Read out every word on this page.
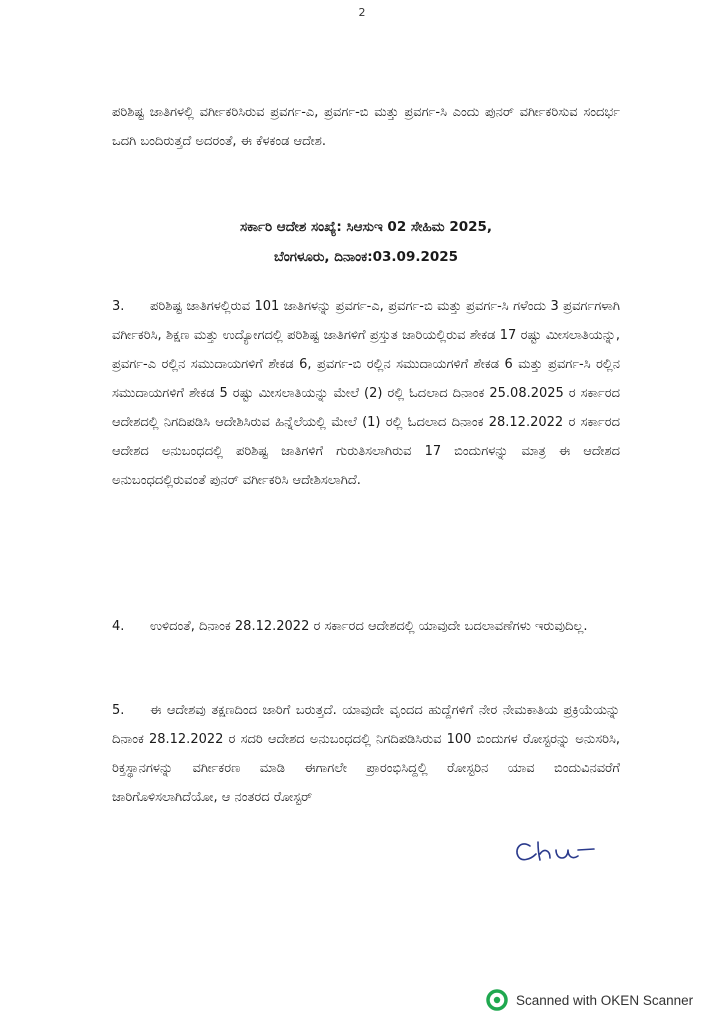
2

ಪರಿಶಿಷ್ಟ ಜಾತಿಗಳಲ್ಲಿ ವರ್ಗೀಕರಿಸಿರುವ ಪ್ರವರ್ಗ-ಎ, ಪ್ರವರ್ಗ-ಬಿ ಮತ್ತು ಪ್ರವರ್ಗ-ಸಿ ಎಂದು ಪುನರ್ ವರ್ಗೀಕರಿಸುವ ಸಂದರ್ಭ ಒದಗಿ ಬಂದಿರುತ್ತದೆ ಅದರಂತೆ, ಈ ಕೆಳಕಂಡ ಆದೇಶ.

ಸರ್ಕಾರಿ ಆದೇಶ ಸಂಖ್ಯೆ: ಸಿಆಸುಇ 02 ಸೇಹಿಮ 2025,
ಬೆಂಗಳೂರು, ದಿನಾಂಕ:03.09.2025

3. ಪರಿಶಿಷ್ಟ ಜಾತಿಗಳಲ್ಲಿರುವ 101 ಜಾತಿಗಳನ್ನು ಪ್ರವರ್ಗ-ಎ, ಪ್ರವರ್ಗ-ಬಿ ಮತ್ತು ಪ್ರವರ್ಗ-ಸಿ ಗಳೆಂದು 3 ಪ್ರವರ್ಗಗಳಾಗಿ ವರ್ಗೀಕರಿಸಿ, ಶಿಕ್ಷಣ ಮತ್ತು ಉದ್ಯೋಗದಲ್ಲಿ ಪರಿಶಿಷ್ಟ ಜಾತಿಗಳಿಗೆ ಪ್ರಸ್ತುತ ಜಾರಿಯಲ್ಲಿರುವ ಶೇಕಡ 17 ರಷ್ಟು ಮೀಸಲಾತಿಯನ್ನು, ಪ್ರವರ್ಗ-ಎ ರಲ್ಲಿನ ಸಮುದಾಯಗಳಿಗೆ ಶೇಕಡ 6, ಪ್ರವರ್ಗ-ಬಿ ರಲ್ಲಿನ ಸಮುದಾಯಗಳಿಗೆ ಶೇಕಡ 6 ಮತ್ತು ಪ್ರವರ್ಗ-ಸಿ ರಲ್ಲಿನ ಸಮುದಾಯಗಳಿಗೆ ಶೇಕಡ 5 ರಷ್ಟು ಮೀಸಲಾತಿಯನ್ನು ಮೇಲೆ (2) ರಲ್ಲಿ ಓದಲಾದ ದಿನಾಂಕ 25.08.2025 ರ ಸರ್ಕಾರದ ಆದೇಶದಲ್ಲಿ ನಿಗದಿಪಡಿಸಿ ಆದೇಶಿಸಿರುವ ಹಿನ್ನೆಲೆಯಲ್ಲಿ ಮೇಲೆ (1) ರಲ್ಲಿ ಓದಲಾದ ದಿನಾಂಕ 28.12.2022 ರ ಸರ್ಕಾರದ ಆದೇಶದ ಅನುಬಂಧದಲ್ಲಿ ಪರಿಶಿಷ್ಟ ಜಾತಿಗಳಿಗೆ ಗುರುತಿಸಲಾಗಿರುವ 17 ಬಿಂದುಗಳನ್ನು ಮಾತ್ರ ಈ ಆದೇಶದ ಅನುಬಂಧದಲ್ಲಿರುವಂತೆ ಪುನರ್ ವರ್ಗೀಕರಿಸಿ ಆದೇಶಿಸಲಾಗಿದೆ.

4. ಉಳಿದಂತೆ, ದಿನಾಂಕ 28.12.2022 ರ ಸರ್ಕಾರದ ಆದೇಶದಲ್ಲಿ ಯಾವುದೇ ಬದಲಾವಣೆಗಳು ಇರುವುದಿಲ್ಲ.

5. ಈ ಆದೇಶವು ತಕ್ಷಣದಿಂದ ಜಾರಿಗೆ ಬರುತ್ತದೆ. ಯಾವುದೇ ವೃಂದದ ಹುದ್ದೆಗಳಿಗೆ ನೇರ ನೇಮಕಾತಿಯ ಪ್ರಕ್ರಿಯೆಯನ್ನು ದಿನಾಂಕ 28.12.2022 ರ ಸದರಿ ಆದೇಶದ ಅನುಬಂಧದಲ್ಲಿ ನಿಗದಿಪಡಿಸಿರುವ 100 ಬಿಂದುಗಳ ರೋಸ್ಟರನ್ನು ಅನುಸರಿಸಿ, ರಿಕ್ತಸ್ಥಾನಗಳನ್ನು ವರ್ಗೀಕರಣ ಮಾಡಿ ಈಗಾಗಲೇ ಪ್ರಾರಂಭಿಸಿದ್ದಲ್ಲಿ ರೋಸ್ಟರಿನ ಯಾವ ಬಿಂದುವಿನವರೆಗೆ ಜಾರಿಗೊಳಿಸಲಾಗಿದೆಯೋ, ಆ ನಂತರದ ರೋಸ್ಟರ್

Scanned with OKEN Scanner
